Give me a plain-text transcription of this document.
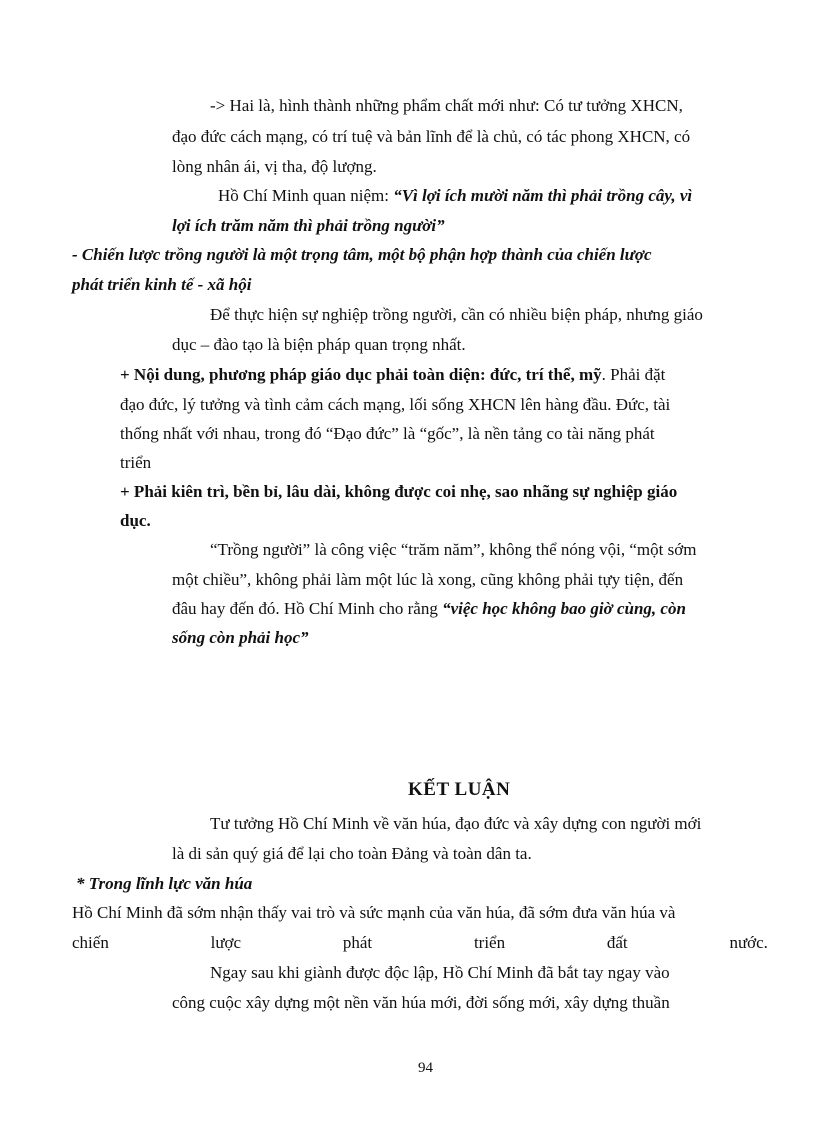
-> Hai là, hình thành những phẩm chất mới như: Có tư tưởng XHCN,
đạo đức cách mạng, có trí tuệ và bản lĩnh để là chủ, có tác phong XHCN, có
lòng nhân ái, vị tha, độ lượng.
Hồ Chí Minh quan niệm: “Vì lợi ích mười năm thì phải trồng cây, vì
lợi ích trăm năm thì phải trồng người”
- Chiến lược trồng người là một trọng tâm, một bộ phận hợp thành của chiến lược
phát triển kinh tế - xã hội
Để thực hiện sự nghiệp trồng người, cần có nhiều biện pháp, nhưng giáo
dục – đào tạo là biện pháp quan trọng nhất.
+ Nội dung, phương pháp giáo dục phải toàn diện: đức, trí thể, mỹ. Phải đặt
đạo đức, lý tưởng và tình cảm cách mạng, lối sống XHCN lên hàng đầu. Đức, tài
thống nhất với nhau, trong đó “Đạo đức” là “gốc”, là nền tảng co tài năng phát
triển
+ Phải kiên trì, bền bỉ, lâu dài, không được coi nhẹ, sao nhãng sự nghiệp giáo
dục.
“Trồng người” là công việc “trăm năm”, không thể nóng vội, “một sớm
một chiều”, không phải làm một lúc là xong, cũng không phải tựy tiện, đến
đâu hay đến đó. Hồ Chí Minh cho rằng “việc học không bao giờ cùng, còn
sống còn phải học”
KẾT LUẬN
Tư tưởng Hồ Chí Minh về văn húa, đạo đức và xây dựng con người mới
là di sản quý giá để lại cho toàn Đảng và toàn dân ta.
* Trong lĩnh lực văn húa
Hồ Chí Minh đã sớm nhận thấy vai trò và sức mạnh của văn húa, đã sớm đưa văn húa và
chiến	lược	phát	triển	đất	nước.
Ngay sau khi giành được độc lập, Hồ Chí Minh đã bắt tay ngay vào
công cuộc xây dựng một nền văn húa mới, đời sống mới, xây dựng thuần
94
